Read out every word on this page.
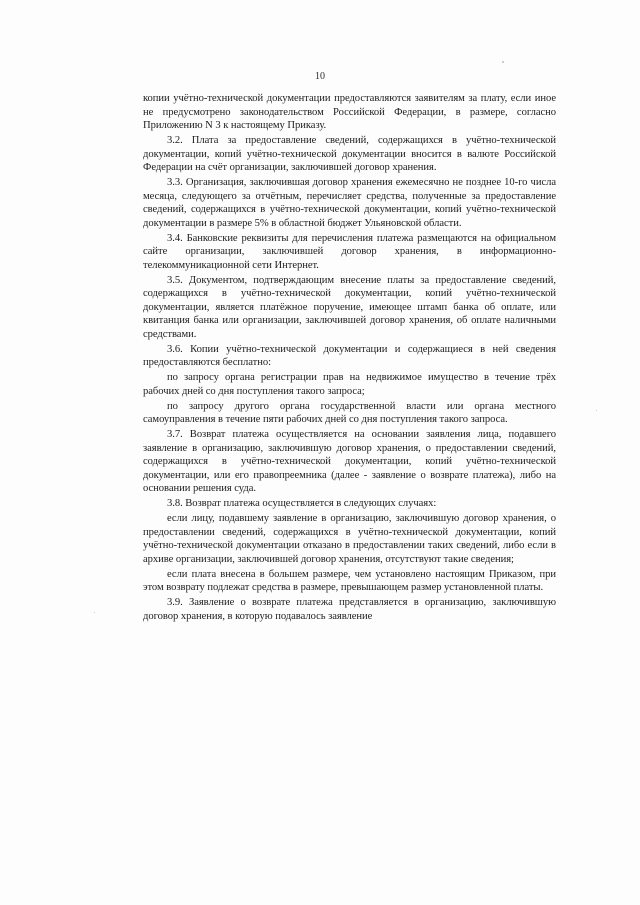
10

копии учётно-технической документации предоставляются заявителям за плату, если иное не предусмотрено законодательством Российской Федерации, в размере, согласно Приложению N 3 к настоящему Приказу.

3.2. Плата за предоставление сведений, содержащихся в учётно-технической документации, копий учётно-технической документации вносится в валюте Российской Федерации на счёт организации, заключившей договор хранения.

3.3. Организация, заключившая договор хранения ежемесячно не позднее 10-го числа месяца, следующего за отчётным, перечисляет средства, полученные за предоставление сведений, содержащихся в учётно-технической документации, копий учётно-технической документации в размере 5% в областной бюджет Ульяновской области.

3.4. Банковские реквизиты для перечисления платежа размещаются на официальном сайте организации, заключившей договор хранения, в информационно-телекоммуникационной сети Интернет.

3.5. Документом, подтверждающим внесение платы за предоставление сведений, содержащихся в учётно-технической документации, копий учётно-технической документации, является платёжное поручение, имеющее штамп банка об оплате, или квитанция банка или организации, заключившей договор хранения, об оплате наличными средствами.

3.6. Копии учётно-технической документации и содержащиеся в ней сведения предоставляются бесплатно:

по запросу органа регистрации прав на недвижимое имущество в течение трёх рабочих дней со дня поступления такого запроса;

по запросу другого органа государственной власти или органа местного самоуправления в течение пяти рабочих дней со дня поступления такого запроса.

3.7. Возврат платежа осуществляется на основании заявления лица, подавшего заявление в организацию, заключившую договор хранения, о предоставлении сведений, содержащихся в учётно-технической документации, копий учётно-технической документации, или его правопреемника (далее - заявление о возврате платежа), либо на основании решения суда.

3.8. Возврат платежа осуществляется в следующих случаях:

если лицу, подавшему заявление в организацию, заключившую договор хранения, о предоставлении сведений, содержащихся в учётно-технической документации, копий учётно-технической документации отказано в предоставлении таких сведений, либо если в архиве организации, заключившей договор хранения, отсутствуют такие сведения;

если плата внесена в большем размере, чем установлено настоящим Приказом, при этом возврату подлежат средства в размере, превышающем размер установленной платы.

3.9. Заявление о возврате платежа представляется в организацию, заключившую договор хранения, в которую подавалось заявление
